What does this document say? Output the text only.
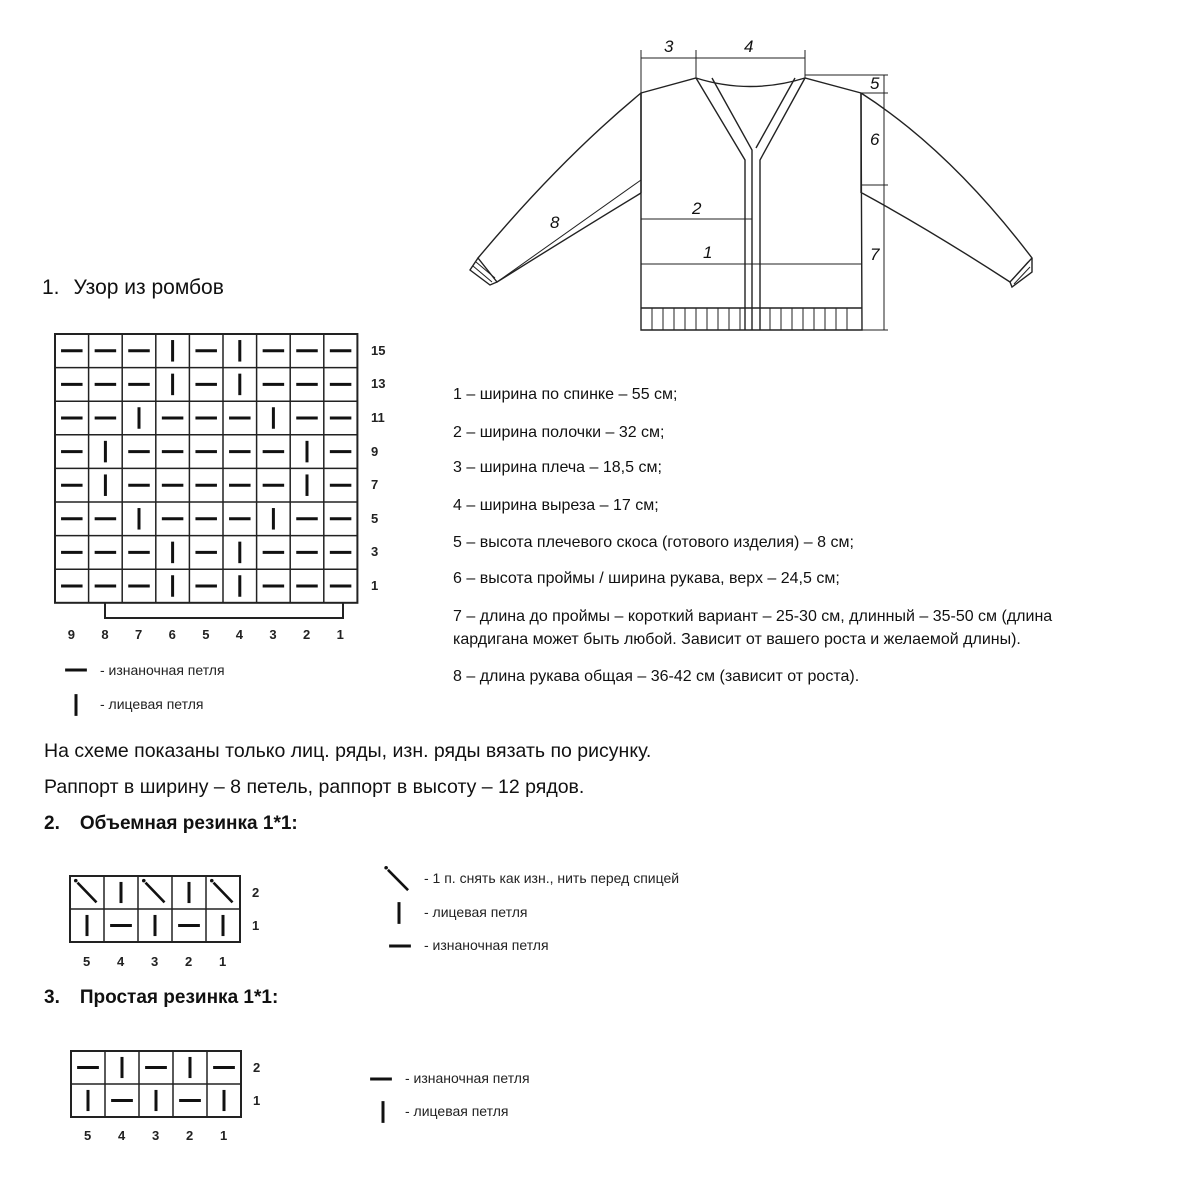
3	4
5
6
7
2
1
8
1. Узор из ромбов
15
13
11
9
7
5
3
1
9 8 7 6 5 4 3 2 1
2
1
5 4 3 2 1
2
1
5 4 3 2 1
- изнаночная петля
- лицевая петля
1 – ширина по спинке – 55 см;
2 – ширина полочки – 32 см;
3 – ширина плеча – 18,5 см;
4 – ширина выреза – 17 см;
5 – высота плечевого скоса (готового изделия) – 8 см;
6 – высота проймы / ширина рукава, верх – 24,5 см;
7 – длина до проймы – короткий вариант – 25-30 см, длинный – 35-50 см (длина
кардигана может быть любой. Зависит от вашего роста и желаемой длины).
8 – длина рукава общая – 36-42 см (зависит от роста).
На схеме показаны только лиц. ряды, изн. ряды вязать по рисунку.
Раппорт в ширину – 8 петель, раппорт в высоту – 12 рядов.
2. Объемная резинка 1*1:
- 1 п. снять как изн., нить перед спицей
- лицевая петля
- изнаночная петля
3. Простая резинка 1*1:
- изнаночная петля
- лицевая петля
